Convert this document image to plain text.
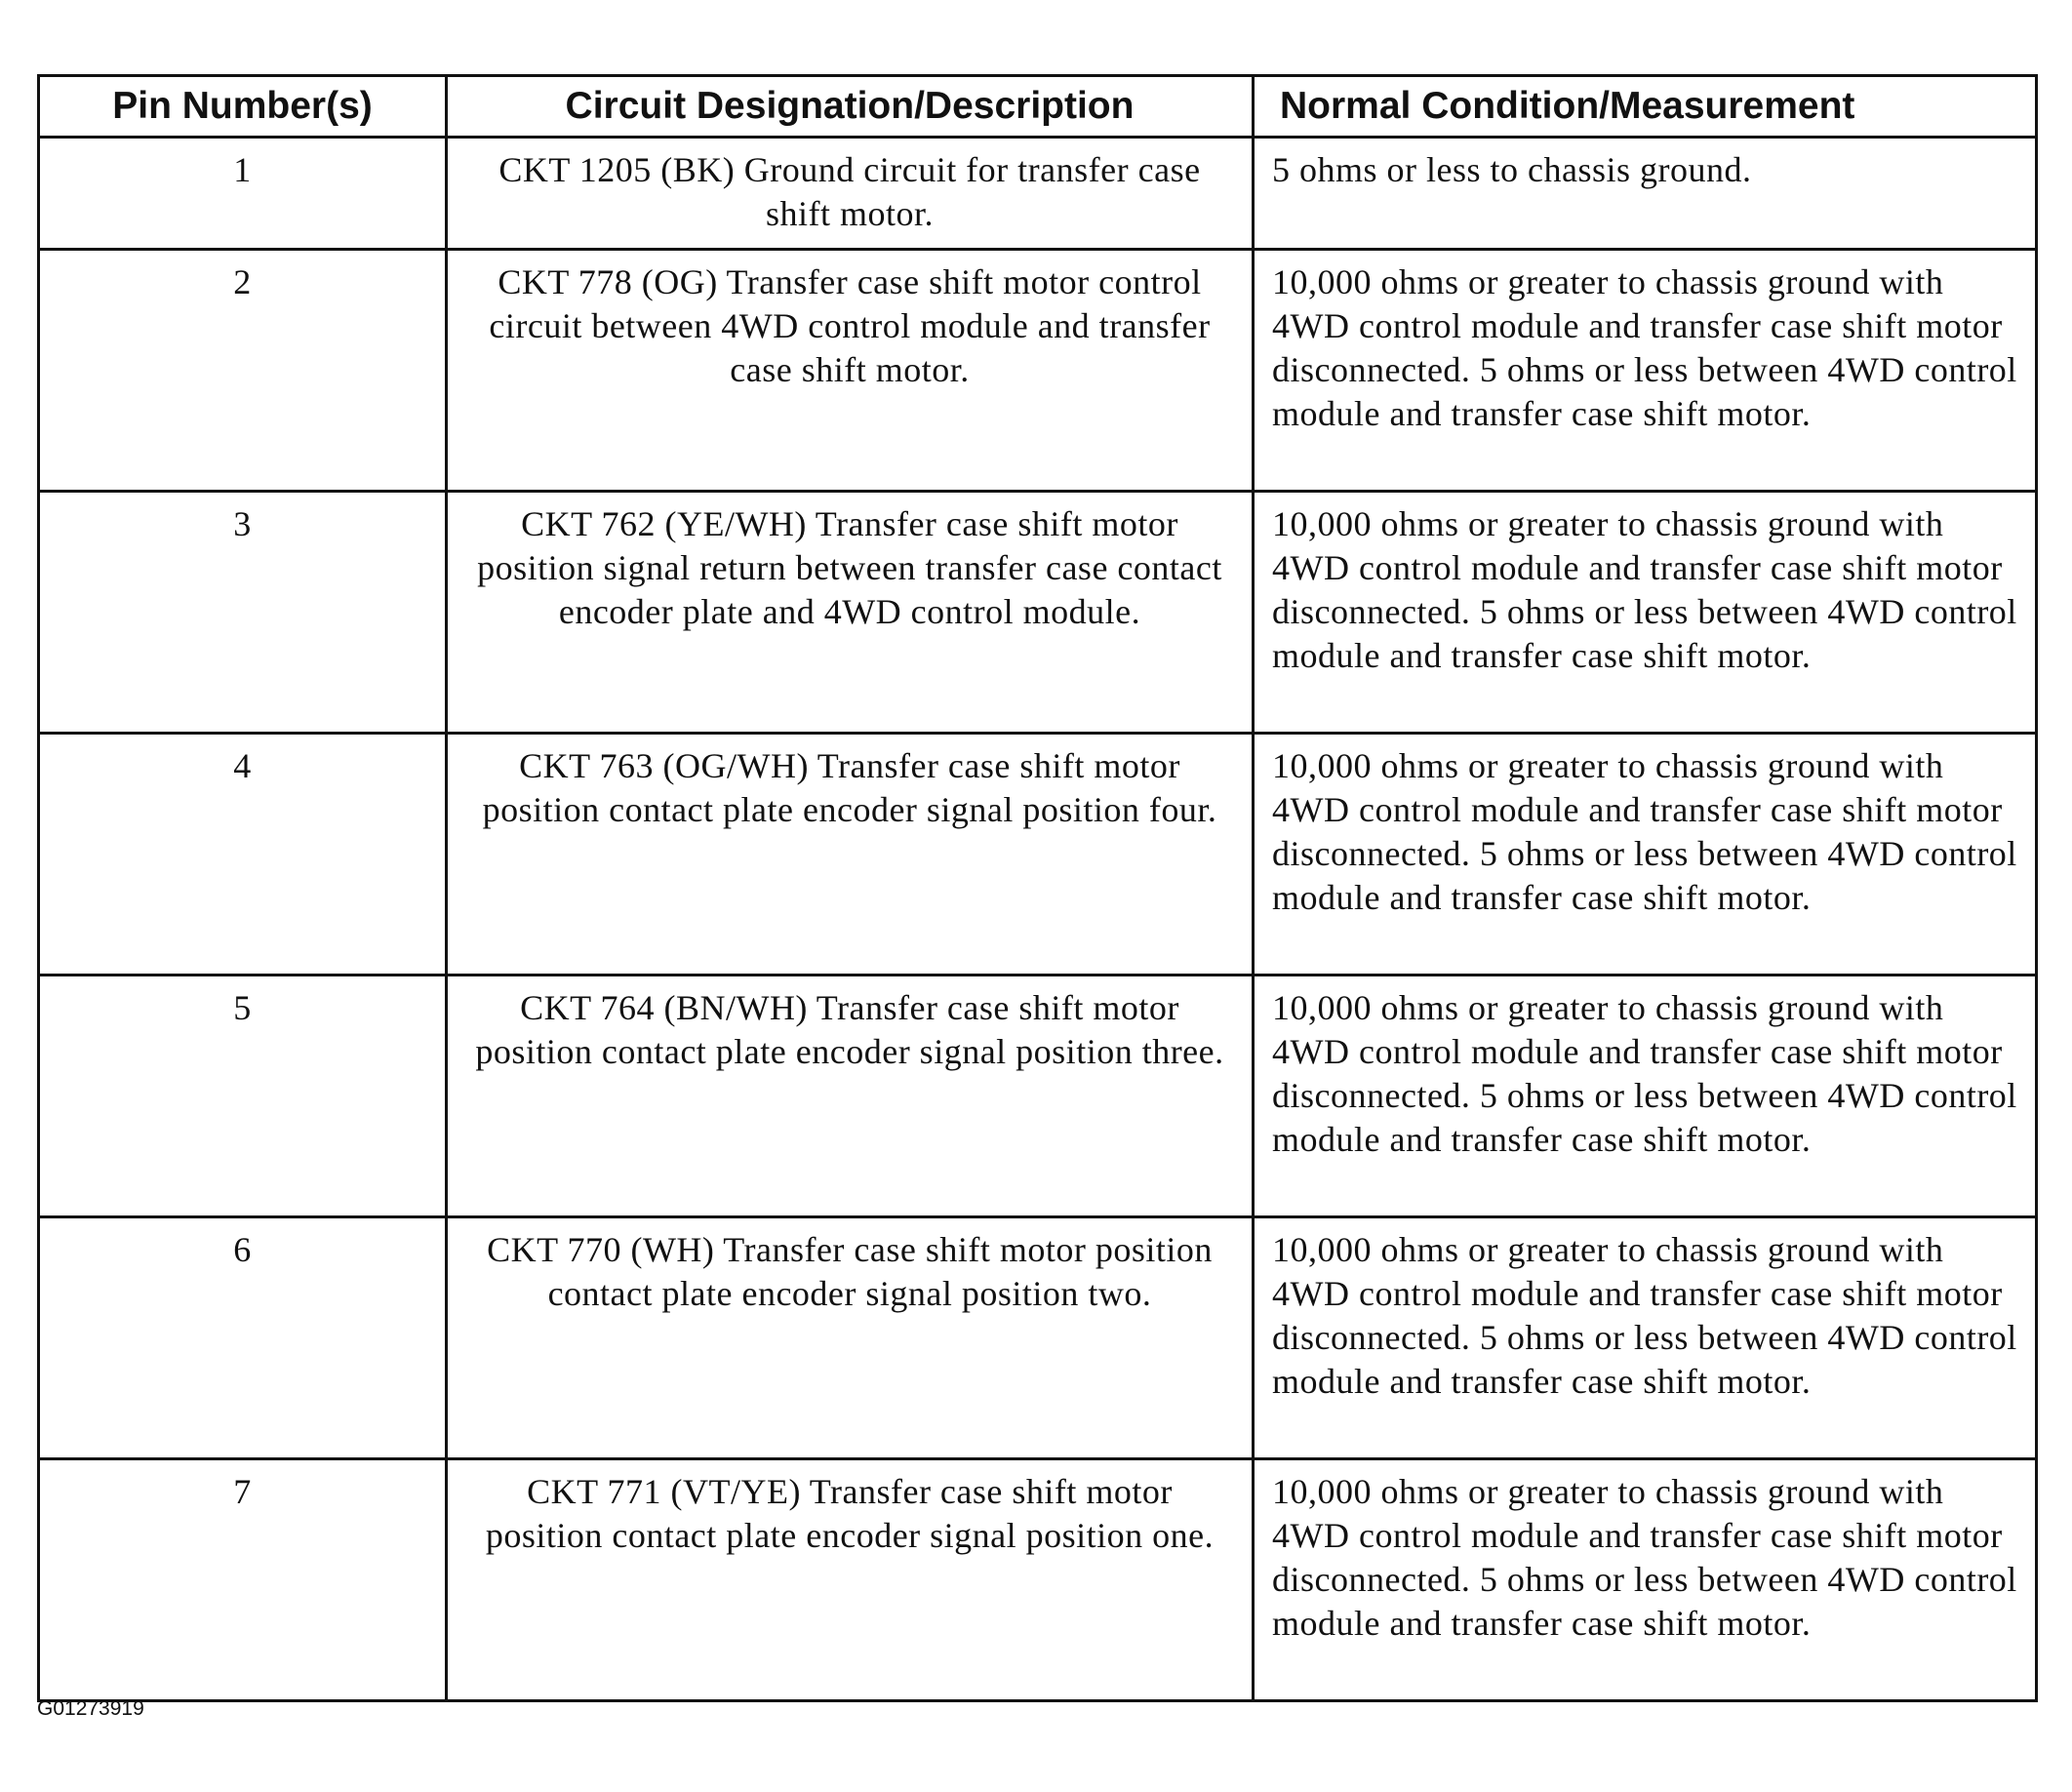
Pin Number(s)	Circuit Designation/Description	Normal Condition/Measurement
1	CKT 1205 (BK) Ground circuit for transfer case shift motor.	5 ohms or less to chassis ground.
2	CKT 778 (OG) Transfer case shift motor control circuit between 4WD control module and transfer case shift motor.	10,000 ohms or greater to chassis ground with 4WD control module and transfer case shift motor disconnected. 5 ohms or less between 4WD control module and transfer case shift motor.
3	CKT 762 (YE/WH) Transfer case shift motor position signal return between transfer case contact encoder plate and 4WD control module.	10,000 ohms or greater to chassis ground with 4WD control module and transfer case shift motor disconnected. 5 ohms or less between 4WD control module and transfer case shift motor.
4	CKT 763 (OG/WH) Transfer case shift motor position contact plate encoder signal position four.	10,000 ohms or greater to chassis ground with 4WD control module and transfer case shift motor disconnected. 5 ohms or less between 4WD control module and transfer case shift motor.
5	CKT 764 (BN/WH) Transfer case shift motor position contact plate encoder signal position three.	10,000 ohms or greater to chassis ground with 4WD control module and transfer case shift motor disconnected. 5 ohms or less between 4WD control module and transfer case shift motor.
6	CKT 770 (WH) Transfer case shift motor position contact plate encoder signal position two.	10,000 ohms or greater to chassis ground with 4WD control module and transfer case shift motor disconnected. 5 ohms or less between 4WD control module and transfer case shift motor.
7	CKT 771 (VT/YE) Transfer case shift motor position contact plate encoder signal position one.	10,000 ohms or greater to chassis ground with 4WD control module and transfer case shift motor disconnected. 5 ohms or less between 4WD control module and transfer case shift motor.
G01273919
